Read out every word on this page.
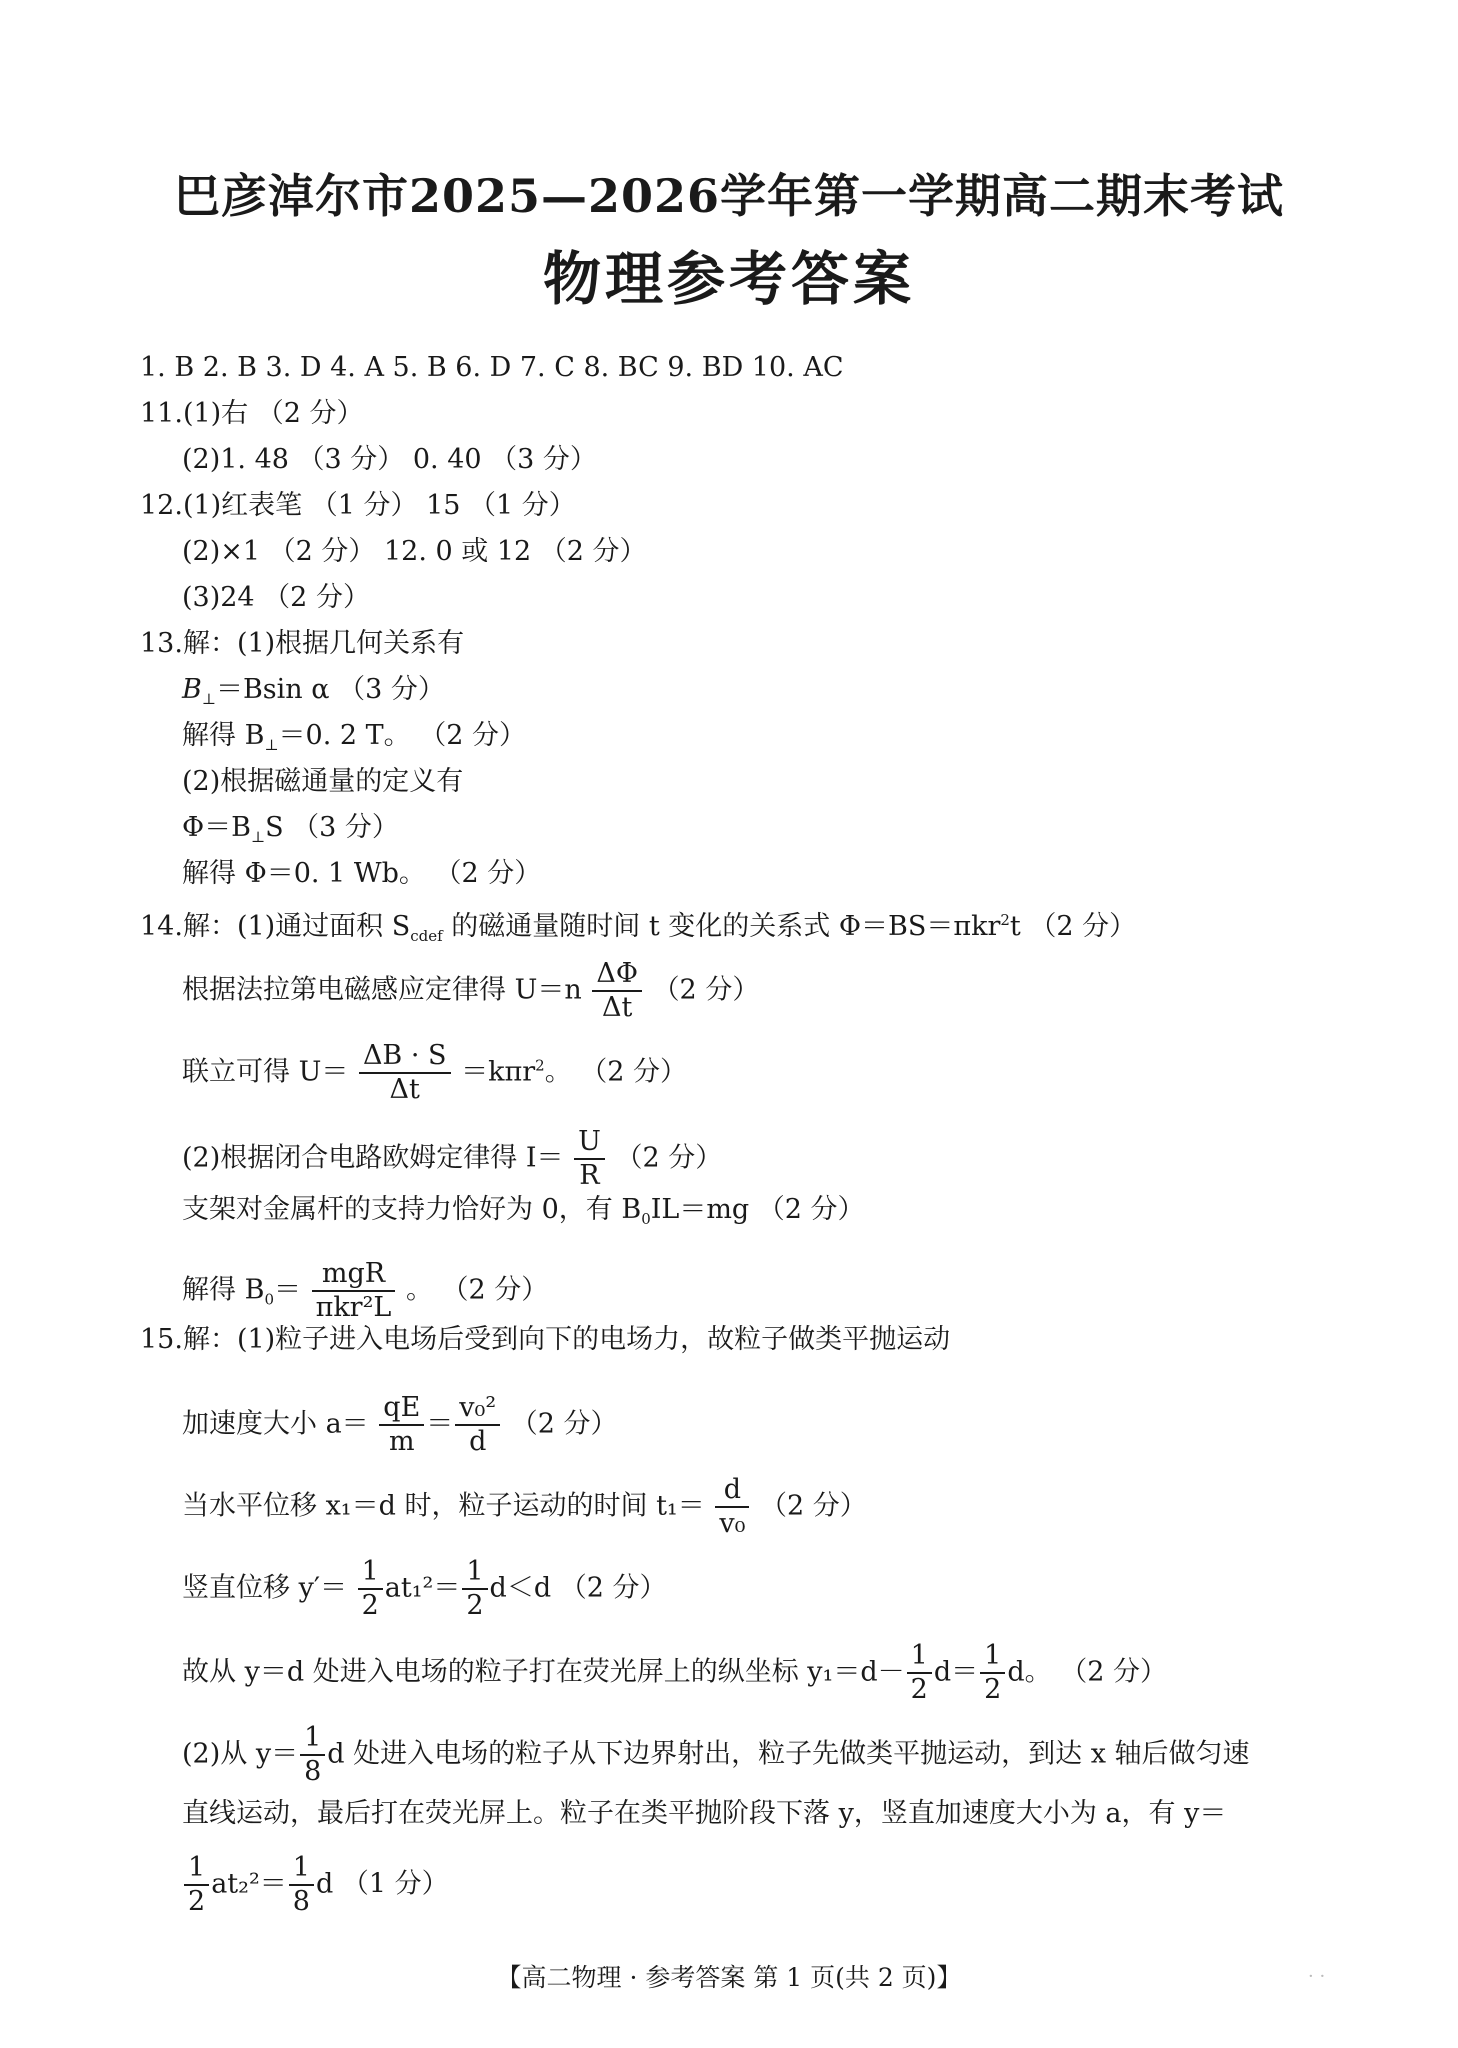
巴彦淖尔市2025—2026学年第一学期高二期末考试
物理参考答案
1. B 2. B 3. D 4. A 5. B 6. D 7. C 8. BC 9. BD 10. AC
11.(1)右 （2 分）
(2)1. 48 （3 分） 0. 40 （3 分）
12.(1)红表笔 （1 分） 15 （1 分）
(2)×1 （2 分） 12. 0 或 12 （2 分）
(3)24 （2 分）
13.解：(1)根据几何关系有
$B_\perp=Bsin$ α （3 分）
解得 $B_\perp=0$. 2 T。 （2 分）
(2)根据磁通量的定义有
$\Phi=B_\perp S$ （3 分）
解得 Φ＝0. 1 Wb。 （2 分）
14.解：(1)通过面积 $S_{cdef}$ 的磁通量随时间 t 变化的关系式 Φ＝BS＝πkr$^2$t （2 分）
根据法拉第电磁感应定律得 $U=n \frac{\Delta\Phi}{\Delta t} (2$ 分）
联立可得 $U= \frac{\Delta B \cdot S}{\Delta t} =k\pi r^2$。 （2 分）
(2)根据闭合电路欧姆定律得 $I= \frac{U}{R} (2$ 分）
支架对金属杆的支持力恰好为 0，有 $B_0IL=mg$ （2 分）
解得 $B_0= \frac{\text{mgR}}{\text{πkr²L}}$ 。 （2 分）
15.解：(1)粒子进入电场后受到向下的电场力，故粒子做类平抛运动
加速度大小 $a= \frac{qE}{m} = \frac{\text{v₀²}}{d} (2$ 分）
当水平位移 x₁＝d 时，粒子运动的时间 $t_1= \frac{d}{\text{v₀}} (2$ 分）
竖直位移 $y'= \frac{1}{2} at_1^2= \frac{1}{2} d<d$ （2 分）
故从 y＝d 处进入电场的粒子打在荧光屏上的纵坐标 $y_1=d- \frac{1}{2} d= \frac{1}{2}$ d。 （2 分）
(2)从 $y= \frac{1}{8}$ d 处进入电场的粒子从下边界射出，粒子先做类平抛运动，到达 x 轴后做匀速
直线运动，最后打在荧光屏上。粒子在类平抛阶段下落 y，竖直加速度大小为 a，有 y＝
$\frac{1}{2} at_2^2= \frac{1}{8}$ d （1 分）
【高二物理 · 参考答案 第 1 页(共 2 页)】	· ·
